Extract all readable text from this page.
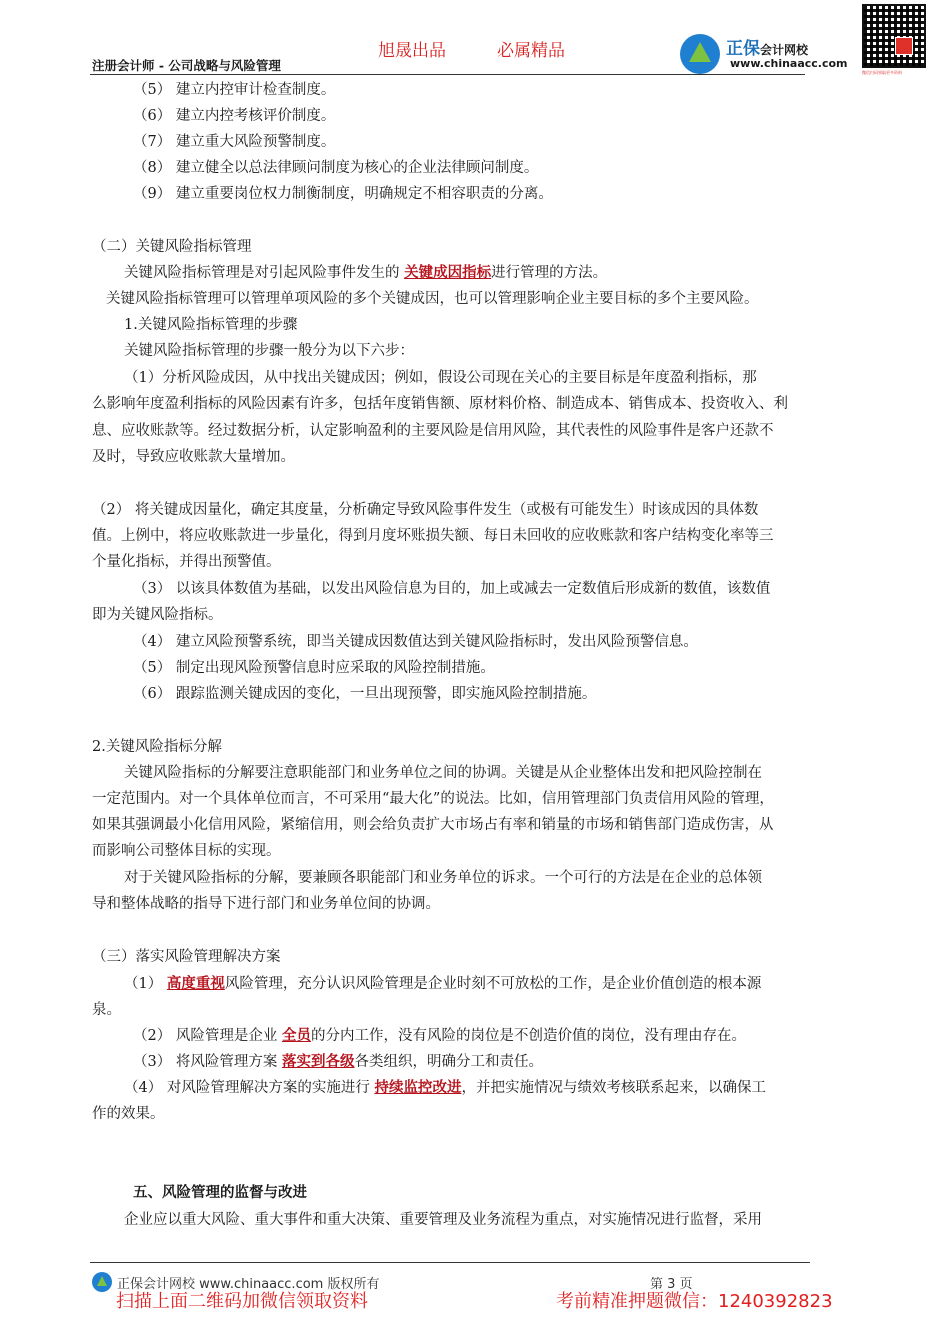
旭晟出品	必属精品
注册会计师 - 公司战略与风险管理
正保会计网校
www.chinaacc.com
微信扫码领取更多资料
（5） 建立内控审计检查制度。
（6） 建立内控考核评价制度。
（7） 建立重大风险预警制度。
（8） 建立健全以总法律顾问制度为核心的企业法律顾问制度。
（9） 建立重要岗位权力制衡制度，明确规定不相容职责的分离。
（二）关键风险指标管理
关键风险指标管理是对引起风险事件发生的 关键成因指标进行管理的方法。
关键风险指标管理可以管理单项风险的多个关键成因，也可以管理影响企业主要目标的多个主要风险。
1.关键风险指标管理的步骤
关键风险指标管理的步骤一般分为以下六步：
（1）分析风险成因，从中找出关键成因；例如，假设公司现在关心的主要目标是年度盈利指标，那
么影响年度盈利指标的风险因素有许多，包括年度销售额、原材料价格、制造成本、销售成本、投资收入、利
息、应收账款等。经过数据分析，认定影响盈利的主要风险是信用风险，其代表性的风险事件是客户还款不
及时，导致应收账款大量增加。
（2） 将关键成因量化，确定其度量，分析确定导致风险事件发生（或极有可能发生）时该成因的具体数
值。上例中，将应收账款进一步量化，得到月度坏账损失额、每日未回收的应收账款和客户结构变化率等三
个量化指标，并得出预警值。
（3） 以该具体数值为基础，以发出风险信息为目的，加上或减去一定数值后形成新的数值，该数值
即为关键风险指标。
（4） 建立风险预警系统，即当关键成因数值达到关键风险指标时，发出风险预警信息。
（5） 制定出现风险预警信息时应采取的风险控制措施。
（6） 跟踪监测关键成因的变化，一旦出现预警，即实施风险控制措施。
2.关键风险指标分解
关键风险指标的分解要注意职能部门和业务单位之间的协调。关键是从企业整体出发和把风险控制在
一定范围内。对一个具体单位而言，不可采用“最大化”的说法。比如，信用管理部门负责信用风险的管理，
如果其强调最小化信用风险，紧缩信用，则会给负责扩大市场占有率和销量的市场和销售部门造成伤害，从
而影响公司整体目标的实现。
对于关键风险指标的分解，要兼顾各职能部门和业务单位的诉求。一个可行的方法是在企业的总体领
导和整体战略的指导下进行部门和业务单位间的协调。
（三）落实风险管理解决方案
（1） 高度重视风险管理，充分认识风险管理是企业时刻不可放松的工作，是企业价值创造的根本源
泉。
（2） 风险管理是企业 全员的分内工作，没有风险的岗位是不创造价值的岗位，没有理由存在。
（3） 将风险管理方案 落实到各级各类组织，明确分工和责任。
（4） 对风险管理解决方案的实施进行 持续监控改进，并把实施情况与绩效考核联系起来，以确保工
作的效果。
五、风险管理的监督与改进
企业应以重大风险、重大事件和重大决策、重要管理及业务流程为重点，对实施情况进行监督，采用
正保会计网校 www.chinaacc.com 版权所有	第 3 页
扫描上面二维码加微信领取资料	考前精准押题微信：1240392823
